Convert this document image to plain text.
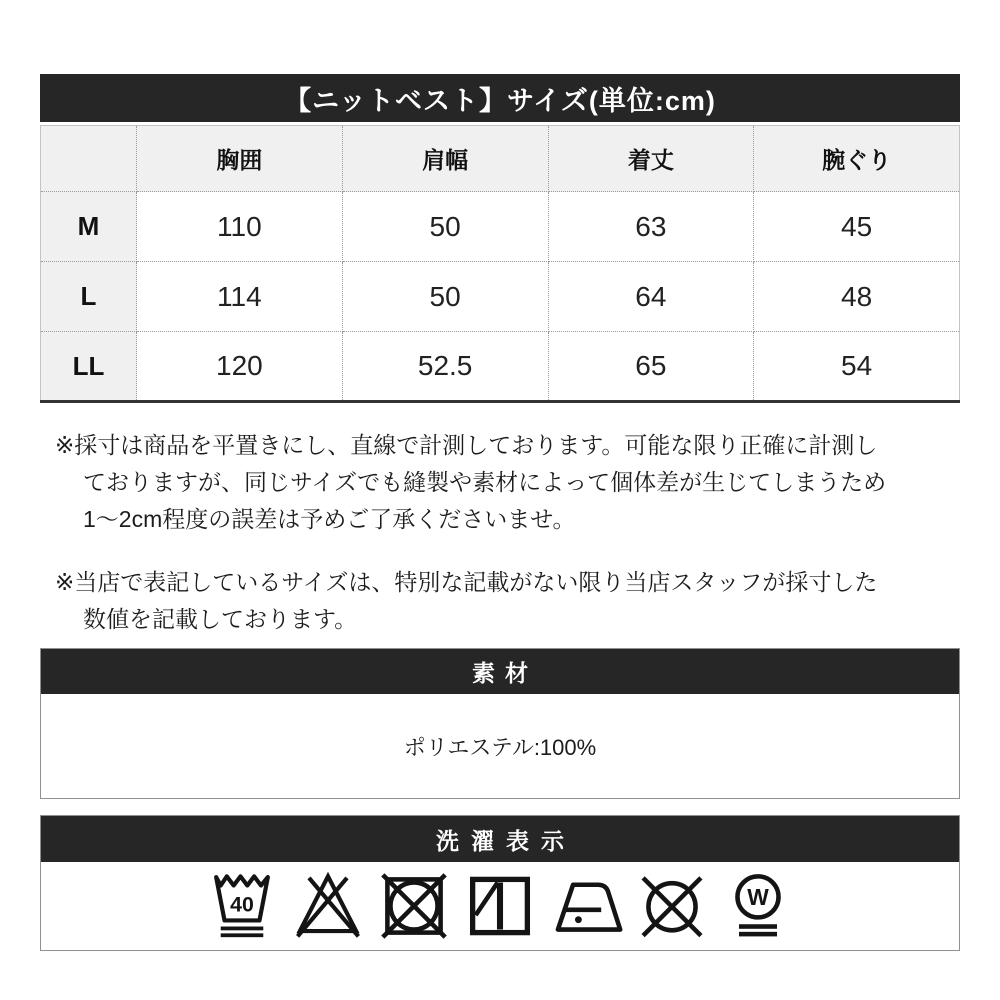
【ニットベスト】サイズ(単位:cm)
	胸囲	肩幅	着丈	腕ぐり
M	110	50	63	45
L	114	50	64	48
LL	120	52.5	65	54
※採寸は商品を平置きにし、直線で計測しております。可能な限り正確に計測し
ておりますが、同じサイズでも縫製や素材によって個体差が生じてしまうため
1〜2cm程度の誤差は予めご了承くださいませ。
※当店で表記しているサイズは、特別な記載がない限り当店スタッフが採寸した
数値を記載しております。
素材
ポリエステル:100%
洗濯表示
40	W
